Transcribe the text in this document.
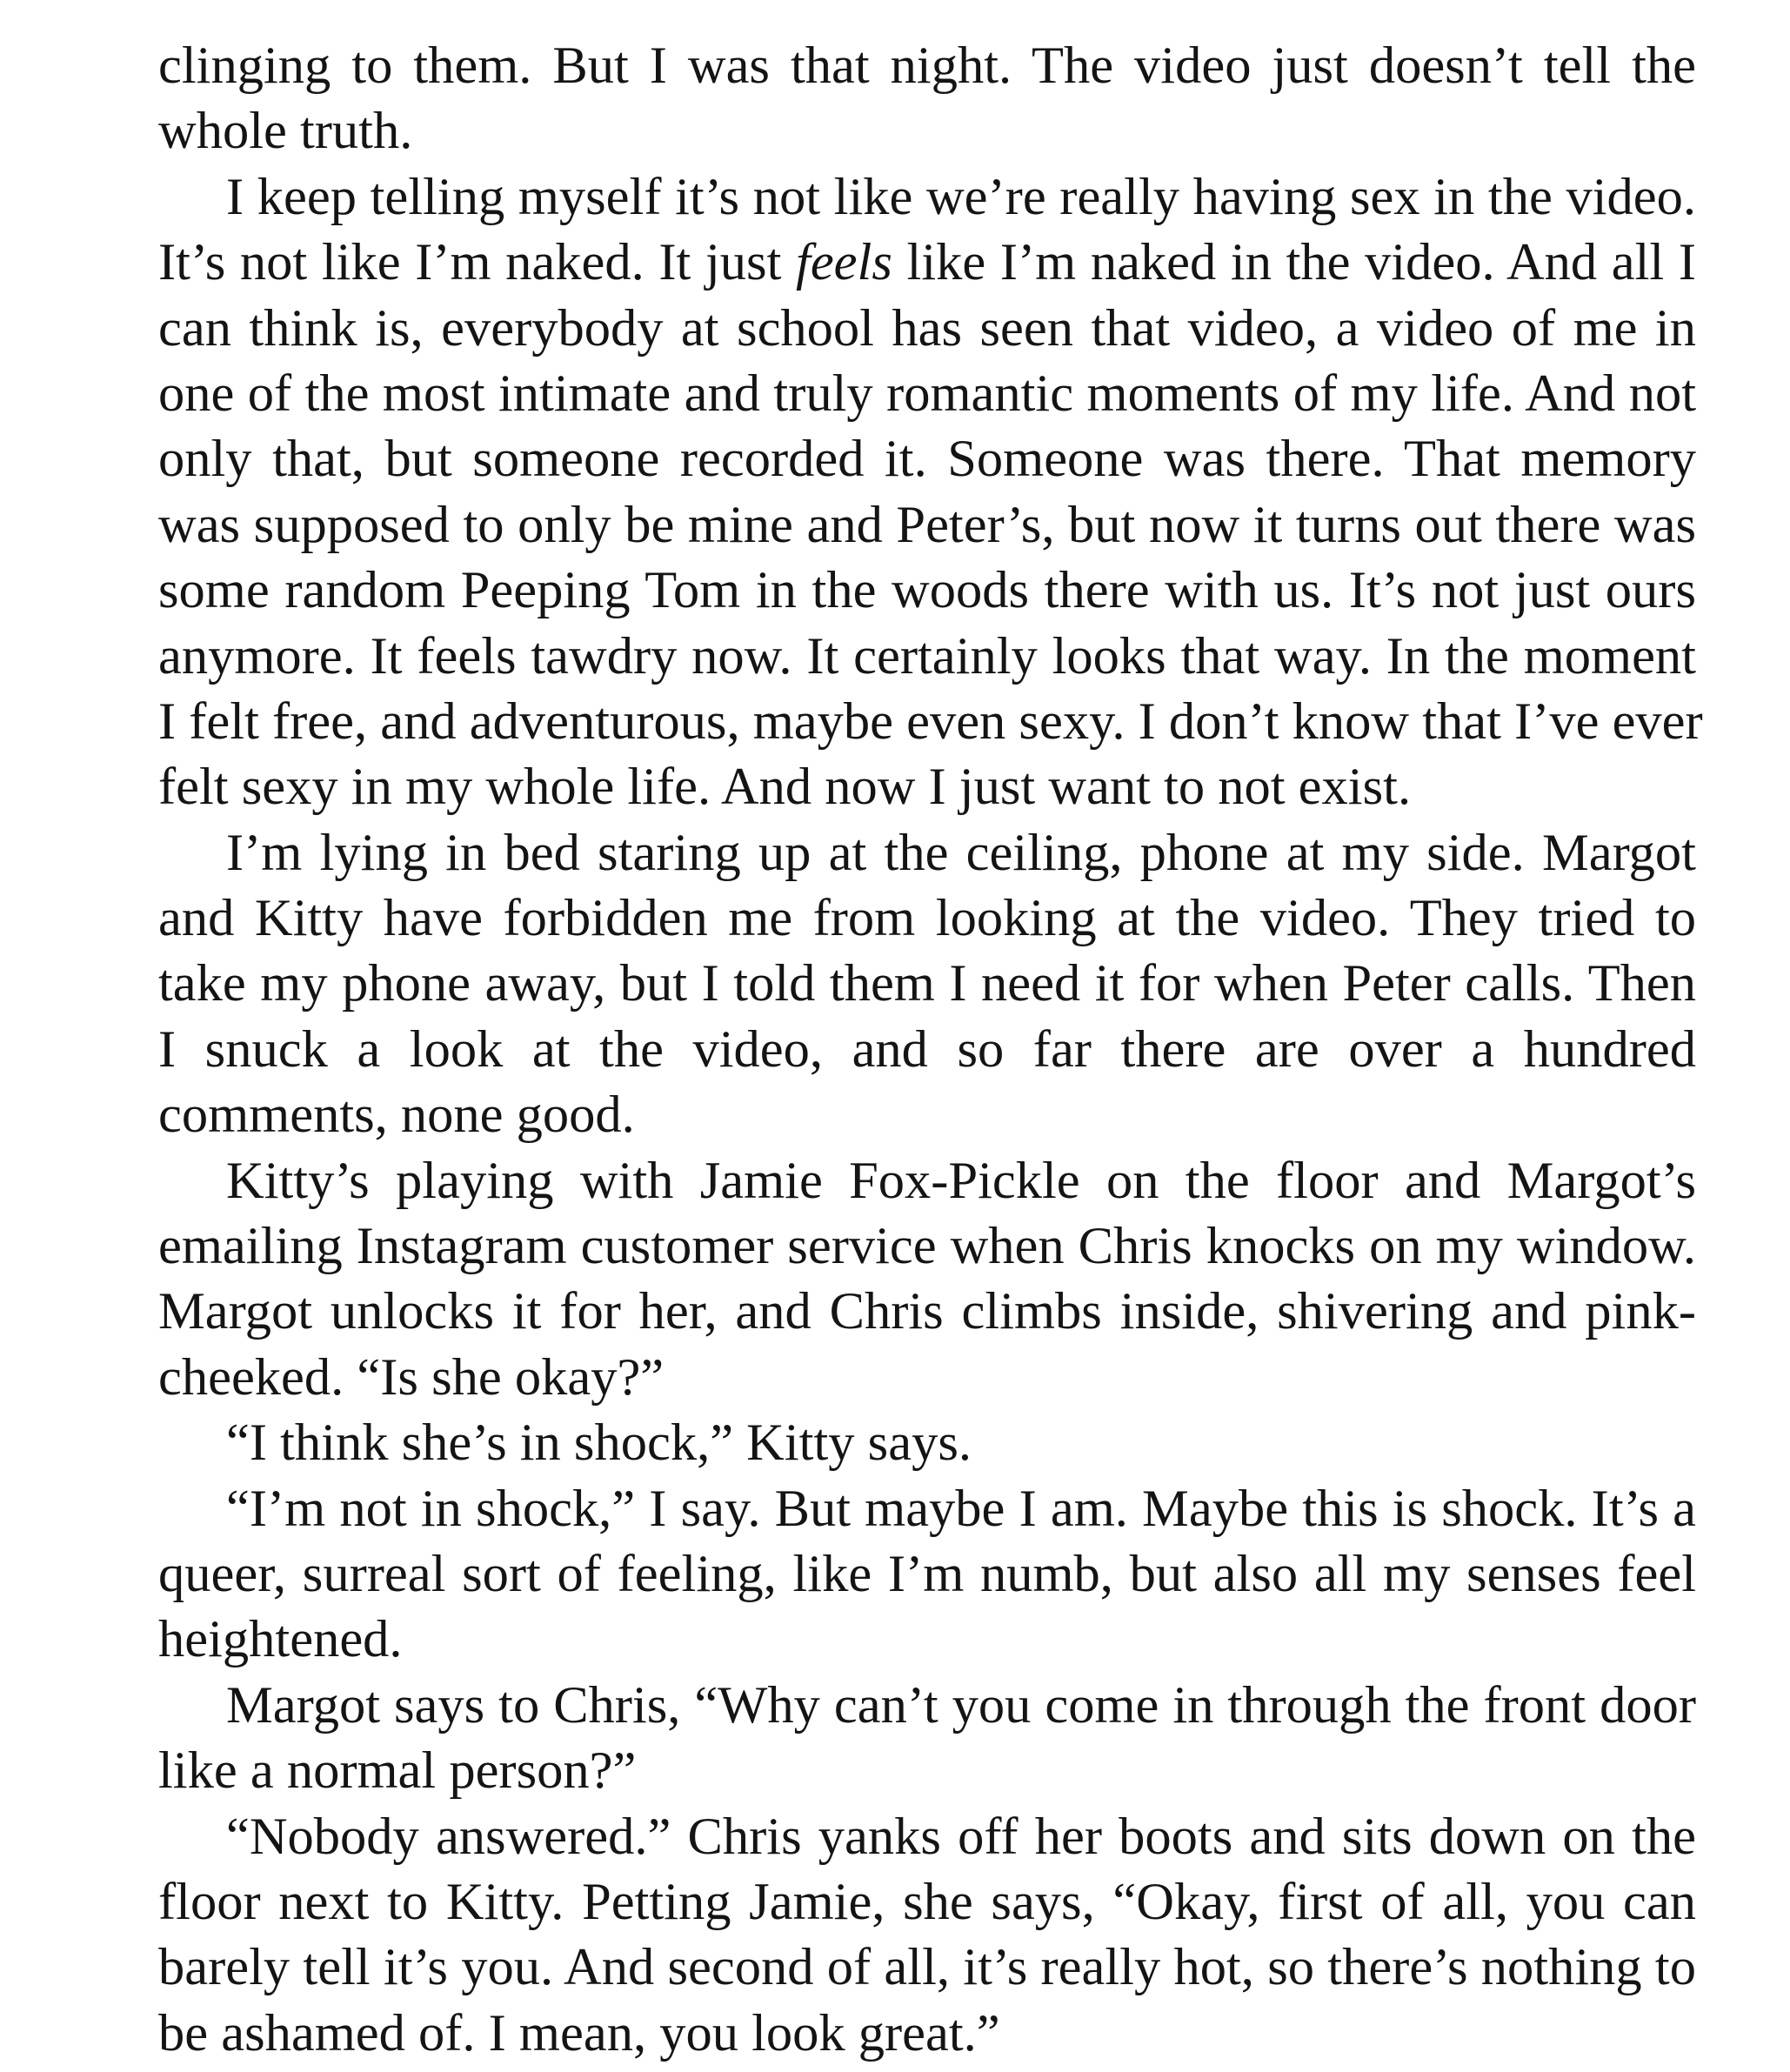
clinging to them. But I was that night. The video just doesn’t tell the
whole truth.
I keep telling myself it’s not like we’re really having sex in the video.
It’s not like I’m naked. It just feels like I’m naked in the video. And all I
can think is, everybody at school has seen that video, a video of me in
one of the most intimate and truly romantic moments of my life. And not
only that, but someone recorded it. Someone was there. That memory
was supposed to only be mine and Peter’s, but now it turns out there was
some random Peeping Tom in the woods there with us. It’s not just ours
anymore. It feels tawdry now. It certainly looks that way. In the moment
I felt free, and adventurous, maybe even sexy. I don’t know that I’ve ever
felt sexy in my whole life. And now I just want to not exist.
I’m lying in bed staring up at the ceiling, phone at my side. Margot
and Kitty have forbidden me from looking at the video. They tried to
take my phone away, but I told them I need it for when Peter calls. Then
I snuck a look at the video, and so far there are over a hundred
comments, none good.
Kitty’s playing with Jamie Fox-Pickle on the floor and Margot’s
emailing Instagram customer service when Chris knocks on my window.
Margot unlocks it for her, and Chris climbs inside, shivering and pink-
cheeked. “Is she okay?”
“I think she’s in shock,” Kitty says.
“I’m not in shock,” I say. But maybe I am. Maybe this is shock. It’s a
queer, surreal sort of feeling, like I’m numb, but also all my senses feel
heightened.
Margot says to Chris, “Why can’t you come in through the front door
like a normal person?”
“Nobody answered.” Chris yanks off her boots and sits down on the
floor next to Kitty. Petting Jamie, she says, “Okay, first of all, you can
barely tell it’s you. And second of all, it’s really hot, so there’s nothing to
be ashamed of. I mean, you look great.”
